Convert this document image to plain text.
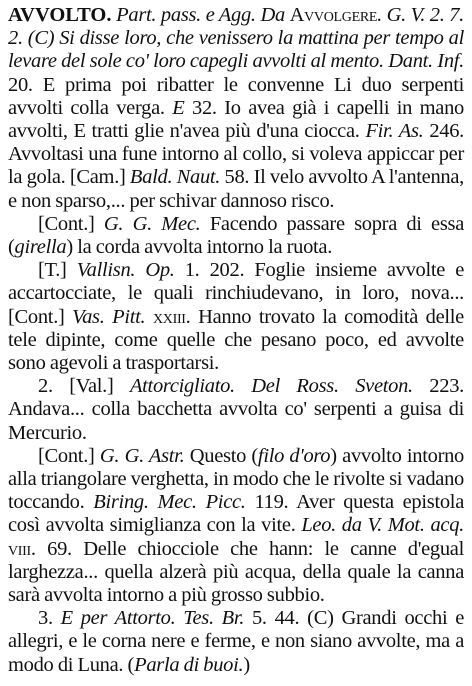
AVVOLTO. Part. pass. e Agg. Da Avvolgere. G. V. 2. 7. 2. (C) Si disse loro, che venissero la mattina per tempo al levare del sole co' loro capegli avvolti al mento. Dant. Inf. 20. E prima poi ribatter le convenne Li duo serpenti avvolti colla verga. E 32. Io avea già i capelli in mano avvolti, E tratti glie n'avea più d'una ciocca. Fir. As. 246. Avvoltasi una fune intorno al collo, si voleva appiccar per la gola. [Cam.] Bald. Naut. 58. Il velo avvolto A l'antenna, e non sparso,... per schivar dannoso risco.

[Cont.] G. G. Mec. Facendo passare sopra di essa (girella) la corda avvolta intorno la ruota.

[T.] Vallisn. Op. 1. 202. Foglie insieme avvolte e accartocciate, le quali rinchiudevano, in loro, nova... [Cont.] Vas. Pitt. xxiii. Hanno trovato la comodità delle tele dipinte, come quelle che pesano poco, ed avvolte sono agevoli a trasportarsi.

2. [Val.] Attorcigliato. Del Ross. Sveton. 223. Andava... colla bacchetta avvolta co' serpenti a guisa di Mercurio.

[Cont.] G. G. Astr. Questo (filo d'oro) avvolto intorno alla triangolare verghetta, in modo che le rivolte si vadano toccando. Biring. Mec. Picc. 119. Aver questa epistola così avvolta simiglianza con la vite. Leo. da V. Mot. acq. viii. 69. Delle chiocciole che hann: le canne d'egual larghezza... quella alzerà più acqua, della quale la canna sarà avvolta intorno a più grosso subbio.

3. E per Attorto. Tes. Br. 5. 44. (C) Grandi occhi e allegri, e le corna nere e ferme, e non siano avvolte, ma a modo di Luna. (Parla di buoi.)
